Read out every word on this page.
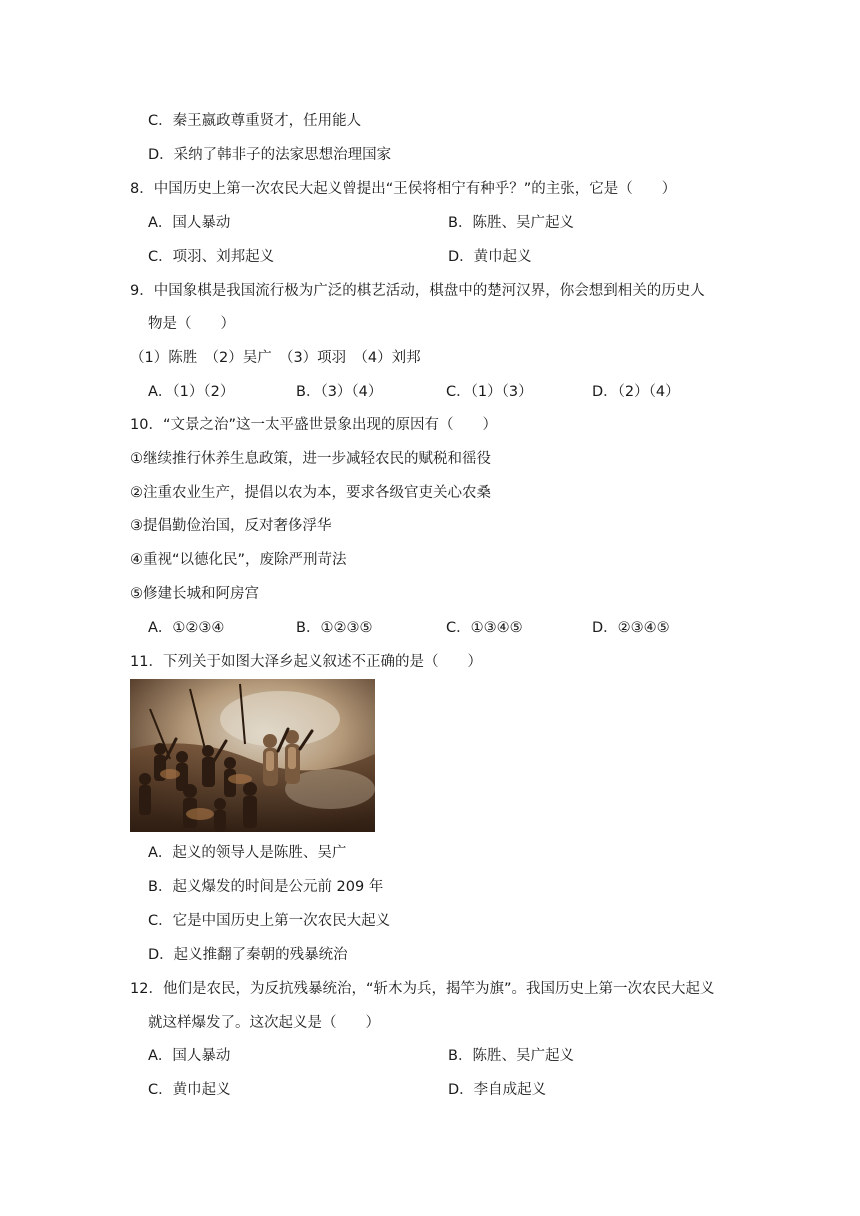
C．秦王嬴政尊重贤才，任用能人
D．采纳了韩非子的法家思想治理国家
8．中国历史上第一次农民大起义曾提出“王侯将相宁有种乎？”的主张，它是（　　）
A．国人暴动	B．陈胜、吴广起义
C．项羽、刘邦起义	D．黄巾起义
9．中国象棋是我国流行极为广泛的棋艺活动，棋盘中的楚河汉界，你会想到相关的历史人
物是（　　）
（1）陈胜　（2）吴广　（3）项羽　（4）刘邦
A．（1）（2）	B．（3）（4）	C．（1）（3）	D．（2）（4）
10．“文景之治”这一太平盛世景象出现的原因有（　　）
①继续推行休养生息政策，进一步减轻农民的赋税和徭役
②注重农业生产，提倡以农为本，要求各级官吏关心农桑
③提倡勤俭治国，反对奢侈浮华
④重视“以德化民”，废除严刑苛法
⑤修建长城和阿房宫
A．①②③④	B．①②③⑤	C．①③④⑤	D．②③④⑤
11．下列关于如图大泽乡起义叙述不正确的是（　　）
A．起义的领导人是陈胜、吴广
B．起义爆发的时间是公元前 209 年
C．它是中国历史上第一次农民大起义
D．起义推翻了秦朝的残暴统治
12．他们是农民，为反抗残暴统治，“斩木为兵，揭竿为旗”。我国历史上第一次农民大起义
就这样爆发了。这次起义是（　　）
A．国人暴动	B．陈胜、吴广起义
C．黄巾起义	D．李自成起义
